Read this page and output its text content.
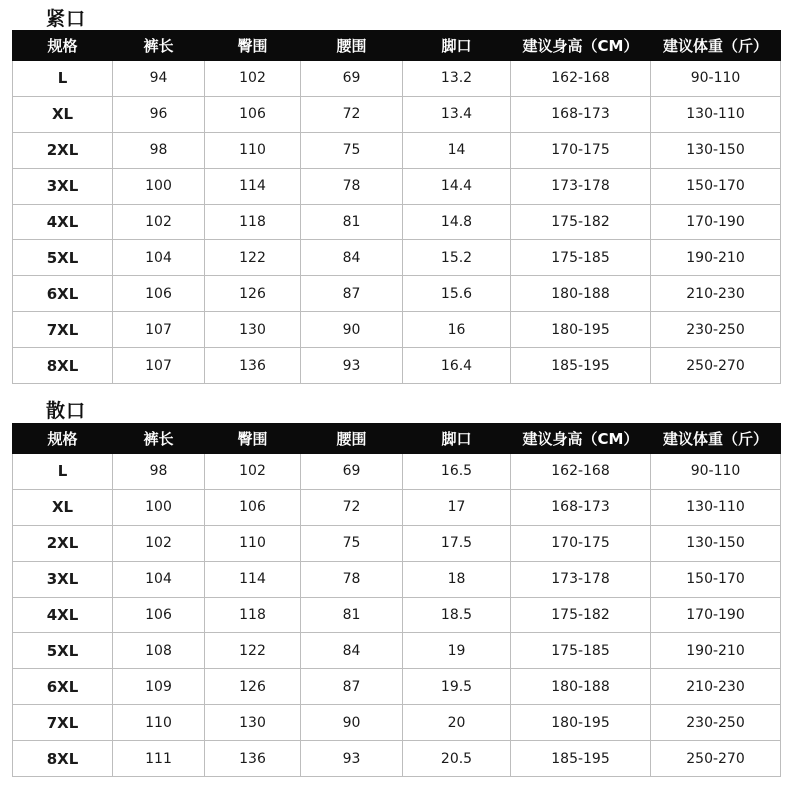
紧口
规格	裤长	臀围	腰围	脚口	建议身高（CM）	建议体重（斤）
L	94	102	69	13.2	162-168	90-110
XL	96	106	72	13.4	168-173	130-110
2XL	98	110	75	14	170-175	130-150
3XL	100	114	78	14.4	173-178	150-170
4XL	102	118	81	14.8	175-182	170-190
5XL	104	122	84	15.2	175-185	190-210
6XL	106	126	87	15.6	180-188	210-230
7XL	107	130	90	16	180-195	230-250
8XL	107	136	93	16.4	185-195	250-270
散口
规格	裤长	臀围	腰围	脚口	建议身高（CM）	建议体重（斤）
L	98	102	69	16.5	162-168	90-110
XL	100	106	72	17	168-173	130-110
2XL	102	110	75	17.5	170-175	130-150
3XL	104	114	78	18	173-178	150-170
4XL	106	118	81	18.5	175-182	170-190
5XL	108	122	84	19	175-185	190-210
6XL	109	126	87	19.5	180-188	210-230
7XL	110	130	90	20	180-195	230-250
8XL	111	136	93	20.5	185-195	250-270
